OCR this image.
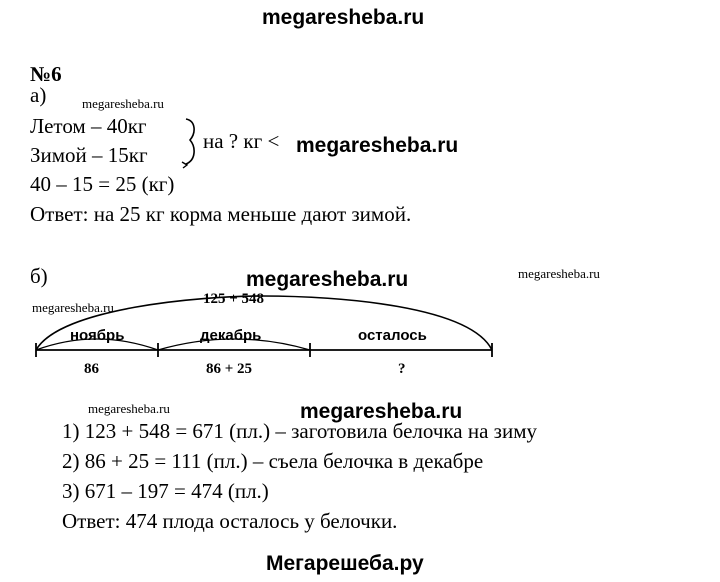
megaresheba.ru
№6
а)	megaresheba.ru
Летом – 40кг
Зимой – 15кг
на ? кг < megaresheba.ru
40 – 15 = 25 (кг)
Ответ: на 25 кг корма меньше дают зимой.
б)	megaresheba.ru	megaresheba.ru
megaresheba.ru
125 + 548
ноябрь	декабрь	осталось
86	86 + 25	?
megaresheba.ru	megaresheba.ru
1) 123 + 548 = 671 (пл.) – заготовила белочка на зиму
2) 86 + 25 = 111 (пл.) – съела белочка в декабре
3) 671 – 197 = 474 (пл.)
Ответ: 474 плода осталось у белочки.
Мегарешеба.ру
